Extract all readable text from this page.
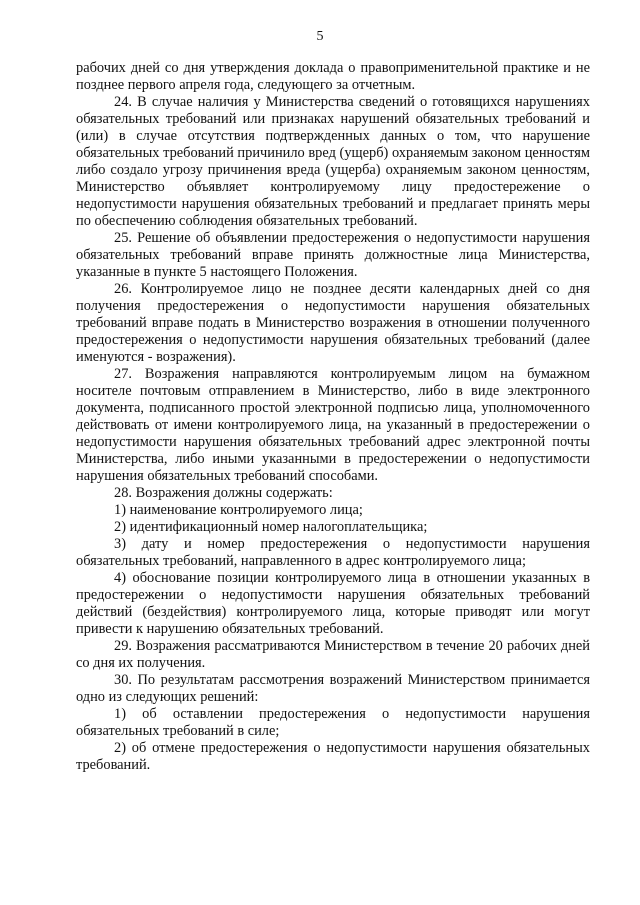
5

рабочих дней со дня утверждения доклада о правоприменительной практике и не позднее первого апреля года, следующего за отчетным.

24. В случае наличия у Министерства сведений о готовящихся нарушениях обязательных требований или признаках нарушений обязательных требований и (или) в случае отсутствия подтвержденных данных о том, что нарушение обязательных требований причинило вред (ущерб) охраняемым законом ценностям либо создало угрозу причинения вреда (ущерба) охраняемым законом ценностям, Министерство объявляет контролируемому лицу предостережение о недопустимости нарушения обязательных требований и предлагает принять меры по обеспечению соблюдения обязательных требований.

25. Решение об объявлении предостережения о недопустимости нарушения обязательных требований вправе принять должностные лица Министерства, указанные в пункте 5 настоящего Положения.

26. Контролируемое лицо не позднее десяти календарных дней со дня получения предостережения о недопустимости нарушения обязательных требований вправе подать в Министерство возражения в отношении полученного предостережения о недопустимости нарушения обязательных требований (далее именуются - возражения).

27. Возражения направляются контролируемым лицом на бумажном носителе почтовым отправлением в Министерство, либо в виде электронного документа, подписанного простой электронной подписью лица, уполномоченного действовать от имени контролируемого лица, на указанный в предостережении о недопустимости нарушения обязательных требований адрес электронной почты Министерства, либо иными указанными в предостережении о недопустимости нарушения обязательных требований способами.

28. Возражения должны содержать:

1) наименование контролируемого лица;

2) идентификационный номер налогоплательщика;

3) дату и номер предостережения о недопустимости нарушения обязательных требований, направленного в адрес контролируемого лица;

4) обоснование позиции контролируемого лица в отношении указанных в предостережении о недопустимости нарушения обязательных требований действий (бездействия) контролируемого лица, которые приводят или могут привести к нарушению обязательных требований.

29. Возражения рассматриваются Министерством в течение 20 рабочих дней со дня их получения.

30. По результатам рассмотрения возражений Министерством принимается одно из следующих решений:

1) об оставлении предостережения о недопустимости нарушения обязательных требований в силе;

2) об отмене предостережения о недопустимости нарушения обязательных требований.
